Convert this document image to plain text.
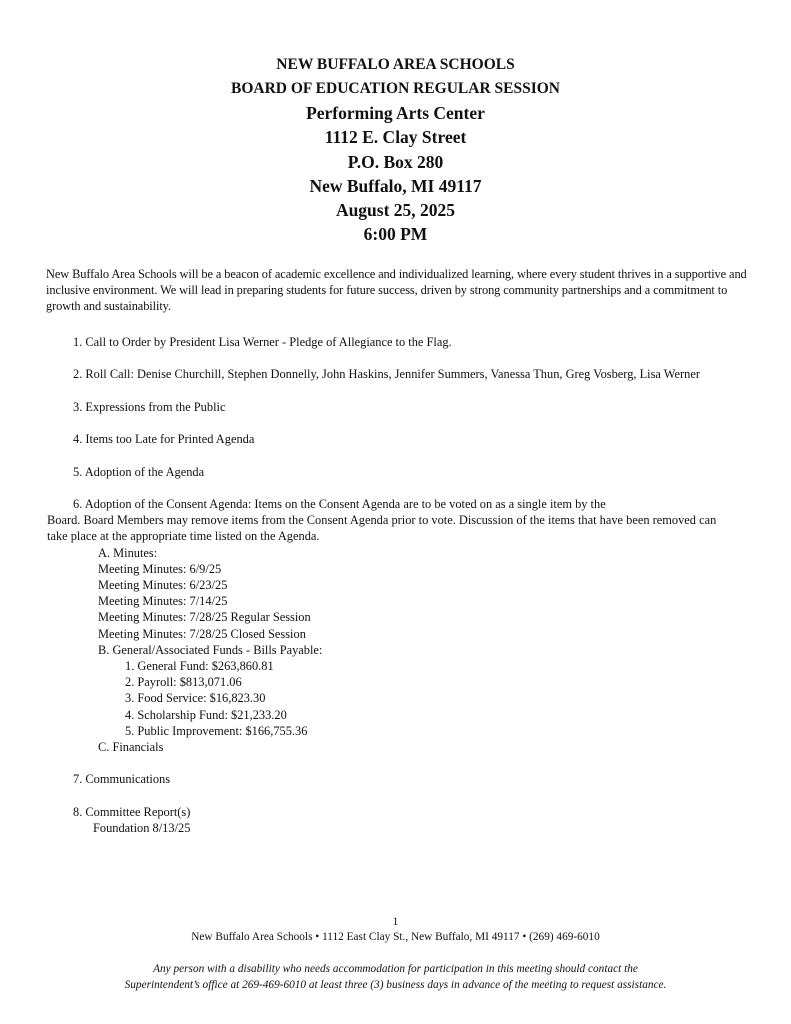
NEW BUFFALO AREA SCHOOLS
BOARD OF EDUCATION REGULAR SESSION
Performing Arts Center
1112 E. Clay Street
P.O. Box 280
New Buffalo, MI 49117
August 25, 2025
6:00 PM
New Buffalo Area Schools will be a beacon of academic excellence and individualized learning, where every student thrives in a supportive and inclusive environment. We will lead in preparing students for future success, driven by strong community partnerships and a commitment to growth and sustainability.

1. Call to Order by President Lisa Werner - Pledge of Allegiance to the Flag.

2. Roll Call: Denise Churchill, Stephen Donnelly, John Haskins, Jennifer Summers, Vanessa Thun, Greg Vosberg, Lisa Werner

3. Expressions from the Public

4. Items too Late for Printed Agenda

5. Adoption of the Agenda

6. Adoption of the Consent Agenda: Items on the Consent Agenda are to be voted on as a single item by the

Board. Board Members may remove items from the Consent Agenda prior to vote. Discussion of the items that have been removed can take place at the appropriate time listed on the Agenda.

A. Minutes:
Meeting Minutes: 6/9/25
Meeting Minutes: 6/23/25
Meeting Minutes: 7/14/25
Meeting Minutes: 7/28/25 Regular Session
Meeting Minutes: 7/28/25 Closed Session
B. General/Associated Funds - Bills Payable:
1. General Fund: $263,860.81
2. Payroll: $813,071.06
3. Food Service: $16,823.30
4. Scholarship Fund: $21,233.20
5. Public Improvement: $166,755.36
C. Financials

7. Communications

8. Committee Report(s)

Foundation 8/13/25
1
New Buffalo Area Schools • 1112 East Clay St., New Buffalo, MI 49117 • (269) 469-6010
Any person with a disability who needs accommodation for participation in this meeting should contact the
Superintendent’s office at 269-469-6010 at least three (3) business days in advance of the meeting to request assistance.
